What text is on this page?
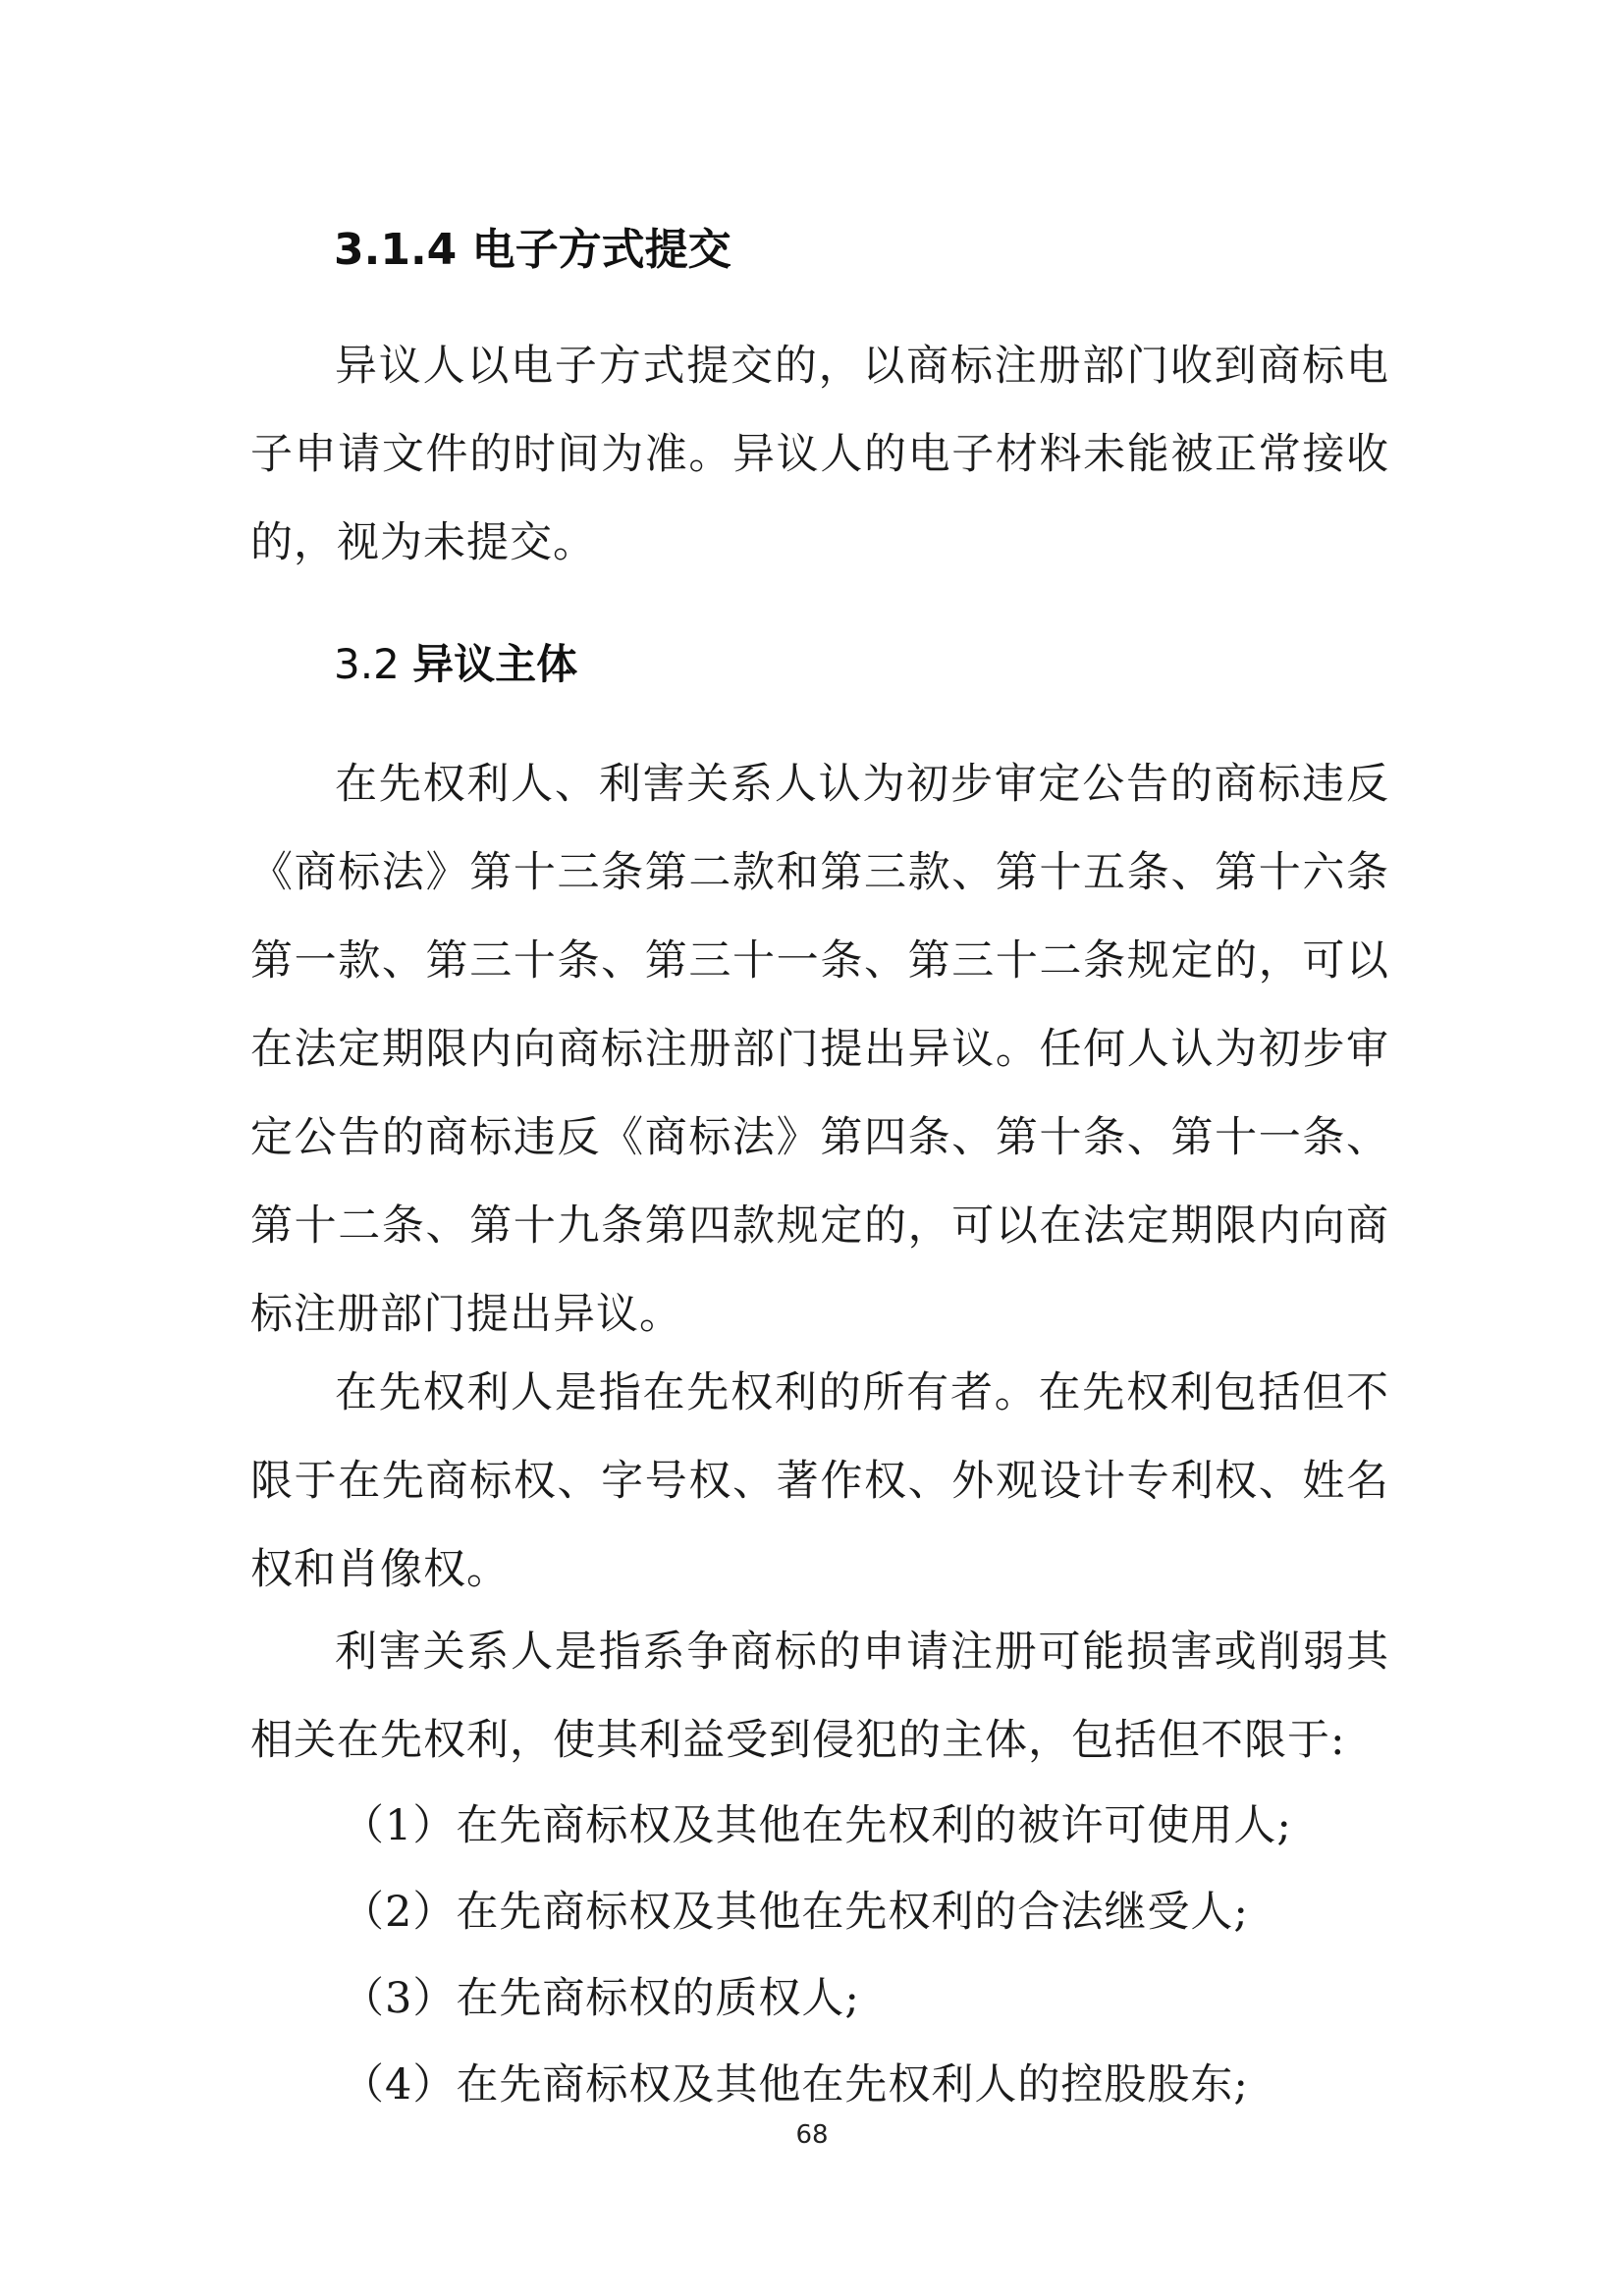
3.1.4 电子方式提交

异议人以电子方式提交的，以商标注册部门收到商标电子申请文件的时间为准。异议人的电子材料未能被正常接收的，视为未提交。

3.2 异议主体

在先权利人、利害关系人认为初步审定公告的商标违反《商标法》第十三条第二款和第三款、第十五条、第十六条第一款、第三十条、第三十一条、第三十二条规定的，可以在法定期限内向商标注册部门提出异议。任何人认为初步审定公告的商标违反《商标法》第四条、第十条、第十一条、第十二条、第十九条第四款规定的，可以在法定期限内向商标注册部门提出异议。

在先权利人是指在先权利的所有者。在先权利包括但不限于在先商标权、字号权、著作权、外观设计专利权、姓名权和肖像权。

利害关系人是指系争商标的申请注册可能损害或削弱其相关在先权利，使其利益受到侵犯的主体，包括但不限于:

（1）在先商标权及其他在先权利的被许可使用人;

（2）在先商标权及其他在先权利的合法继受人;

（3）在先商标权的质权人;

（4）在先商标权及其他在先权利人的控股股东;

68
